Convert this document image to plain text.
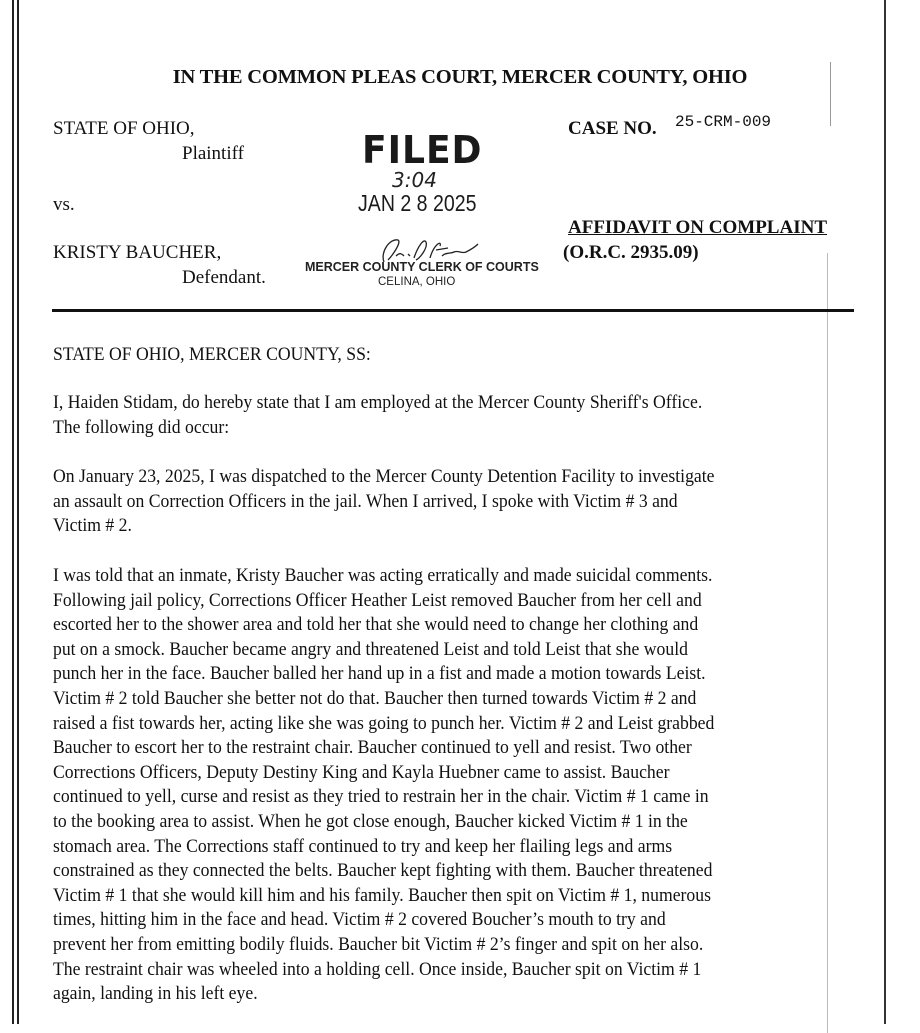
IN THE COMMON PLEAS COURT, MERCER COUNTY, OHIO
STATE OF OHIO,
Plaintiff
vs.
KRISTY BAUCHER,
Defendant.
CASE NO. 25-CRM-009
AFFIDAVIT ON COMPLAINT
(O.R.C. 2935.09)
FILED
3:04
JAN 2 8 2025
MERCER COUNTY CLERK OF COURTS
CELINA, OHIO

STATE OF OHIO, MERCER COUNTY, SS:

I, Haiden Stidam, do hereby state that I am employed at the Mercer County Sheriff's Office.

The following did occur:

On January 23, 2025, I was dispatched to the Mercer County Detention Facility to investigate

an assault on Correction Officers in the jail. When I arrived, I spoke with Victim # 3 and

Victim # 2.

I was told that an inmate, Kristy Baucher was acting erratically and made suicidal comments.

Following jail policy, Corrections Officer Heather Leist removed Baucher from her cell and

escorted her to the shower area and told her that she would need to change her clothing and

put on a smock. Baucher became angry and threatened Leist and told Leist that she would

punch her in the face. Baucher balled her hand up in a fist and made a motion towards Leist.

Victim # 2 told Baucher she better not do that. Baucher then turned towards Victim # 2 and

raised a fist towards her, acting like she was going to punch her. Victim # 2 and Leist grabbed

Baucher to escort her to the restraint chair. Baucher continued to yell and resist. Two other

Corrections Officers, Deputy Destiny King and Kayla Huebner came to assist. Baucher

continued to yell, curse and resist as they tried to restrain her in the chair. Victim # 1 came in

to the booking area to assist. When he got close enough, Baucher kicked Victim # 1 in the

stomach area. The Corrections staff continued to try and keep her flailing legs and arms

constrained as they connected the belts. Baucher kept fighting with them. Baucher threatened

Victim # 1 that she would kill him and his family. Baucher then spit on Victim # 1, numerous

times, hitting him in the face and head. Victim # 2 covered Boucher’s mouth to try and

prevent her from emitting bodily fluids. Baucher bit Victim # 2’s finger and spit on her also.

The restraint chair was wheeled into a holding cell. Once inside, Baucher spit on Victim # 1

again, landing in his left eye.
